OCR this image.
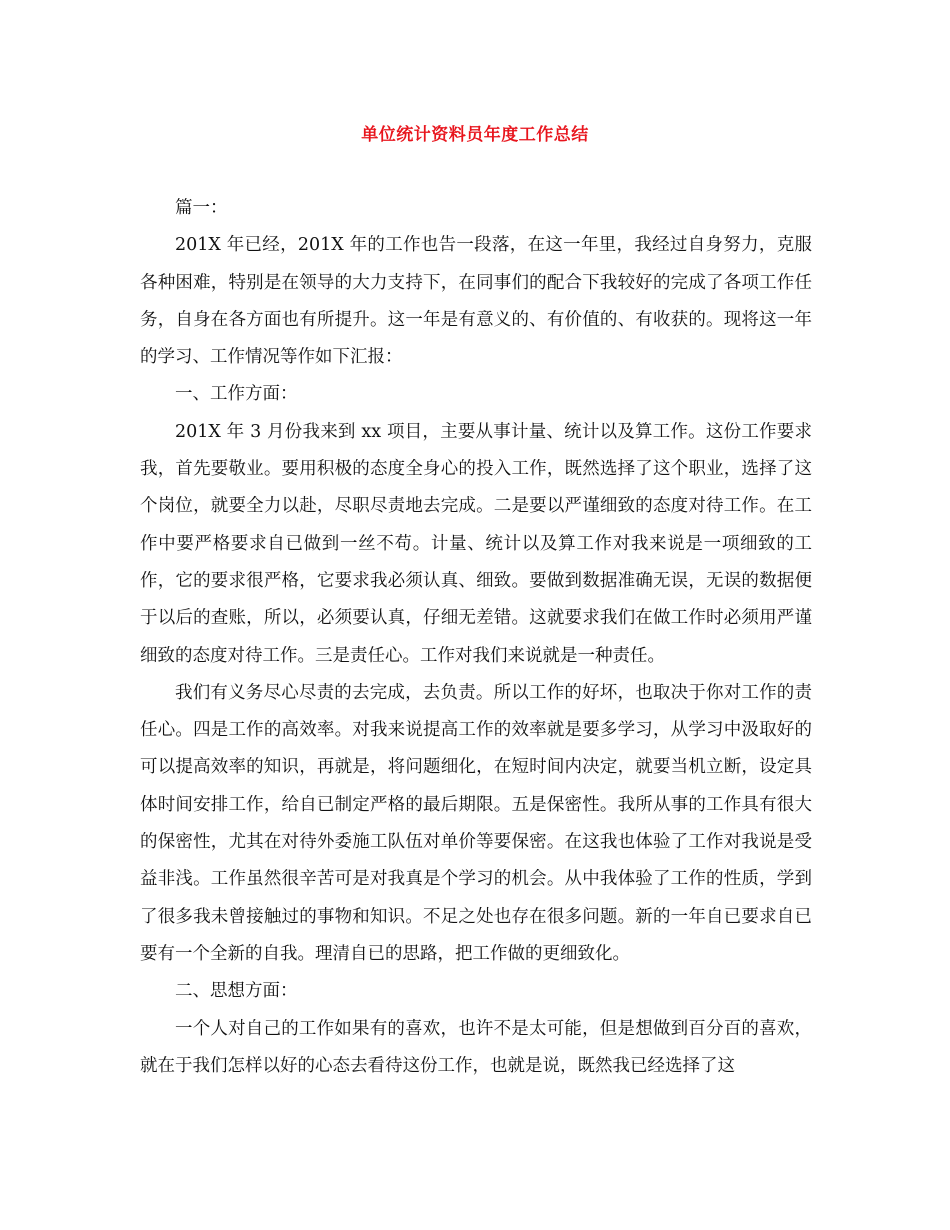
单位统计资料员年度工作总结

篇一：

201X 年已经，201X 年的工作也告一段落，在这一年里，我经过自身努力，克服各种困难，特别是在领导的大力支持下，在同事们的配合下我较好的完成了各项工作任务，自身在各方面也有所提升。这一年是有意义的、有价值的、有收获的。现将这一年的学习、工作情况等作如下汇报：

一、工作方面：

201X 年 3 月份我来到 xx 项目，主要从事计量、统计以及算工作。这份工作要求我，首先要敬业。要用积极的态度全身心的投入工作，既然选择了这个职业，选择了这个岗位，就要全力以赴，尽职尽责地去完成。二是要以严谨细致的态度对待工作。在工作中要严格要求自已做到一丝不苟。计量、统计以及算工作对我来说是一项细致的工作，它的要求很严格，它要求我必须认真、细致。要做到数据准确无误，无误的数据便于以后的查账，所以，必须要认真，仔细无差错。这就要求我们在做工作时必须用严谨细致的态度对待工作。三是责任心。工作对我们来说就是一种责任。

我们有义务尽心尽责的去完成，去负责。所以工作的好坏，也取决于你对工作的责任心。四是工作的高效率。对我来说提高工作的效率就是要多学习，从学习中汲取好的可以提高效率的知识，再就是，将问题细化，在短时间内决定，就要当机立断，设定具体时间安排工作，给自已制定严格的最后期限。五是保密性。我所从事的工作具有很大的保密性，尤其在对待外委施工队伍对单价等要保密。在这我也体验了工作对我说是受益非浅。工作虽然很辛苦可是对我真是个学习的机会。从中我体验了工作的性质，学到了很多我未曾接触过的事物和知识。不足之处也存在很多问题。新的一年自已要求自已要有一个全新的自我。理清自已的思路，把工作做的更细致化。

二、思想方面：

一个人对自己的工作如果有的喜欢，也许不是太可能，但是想做到百分百的喜欢，就在于我们怎样以好的心态去看待这份工作，也就是说，既然我已经选择了这
